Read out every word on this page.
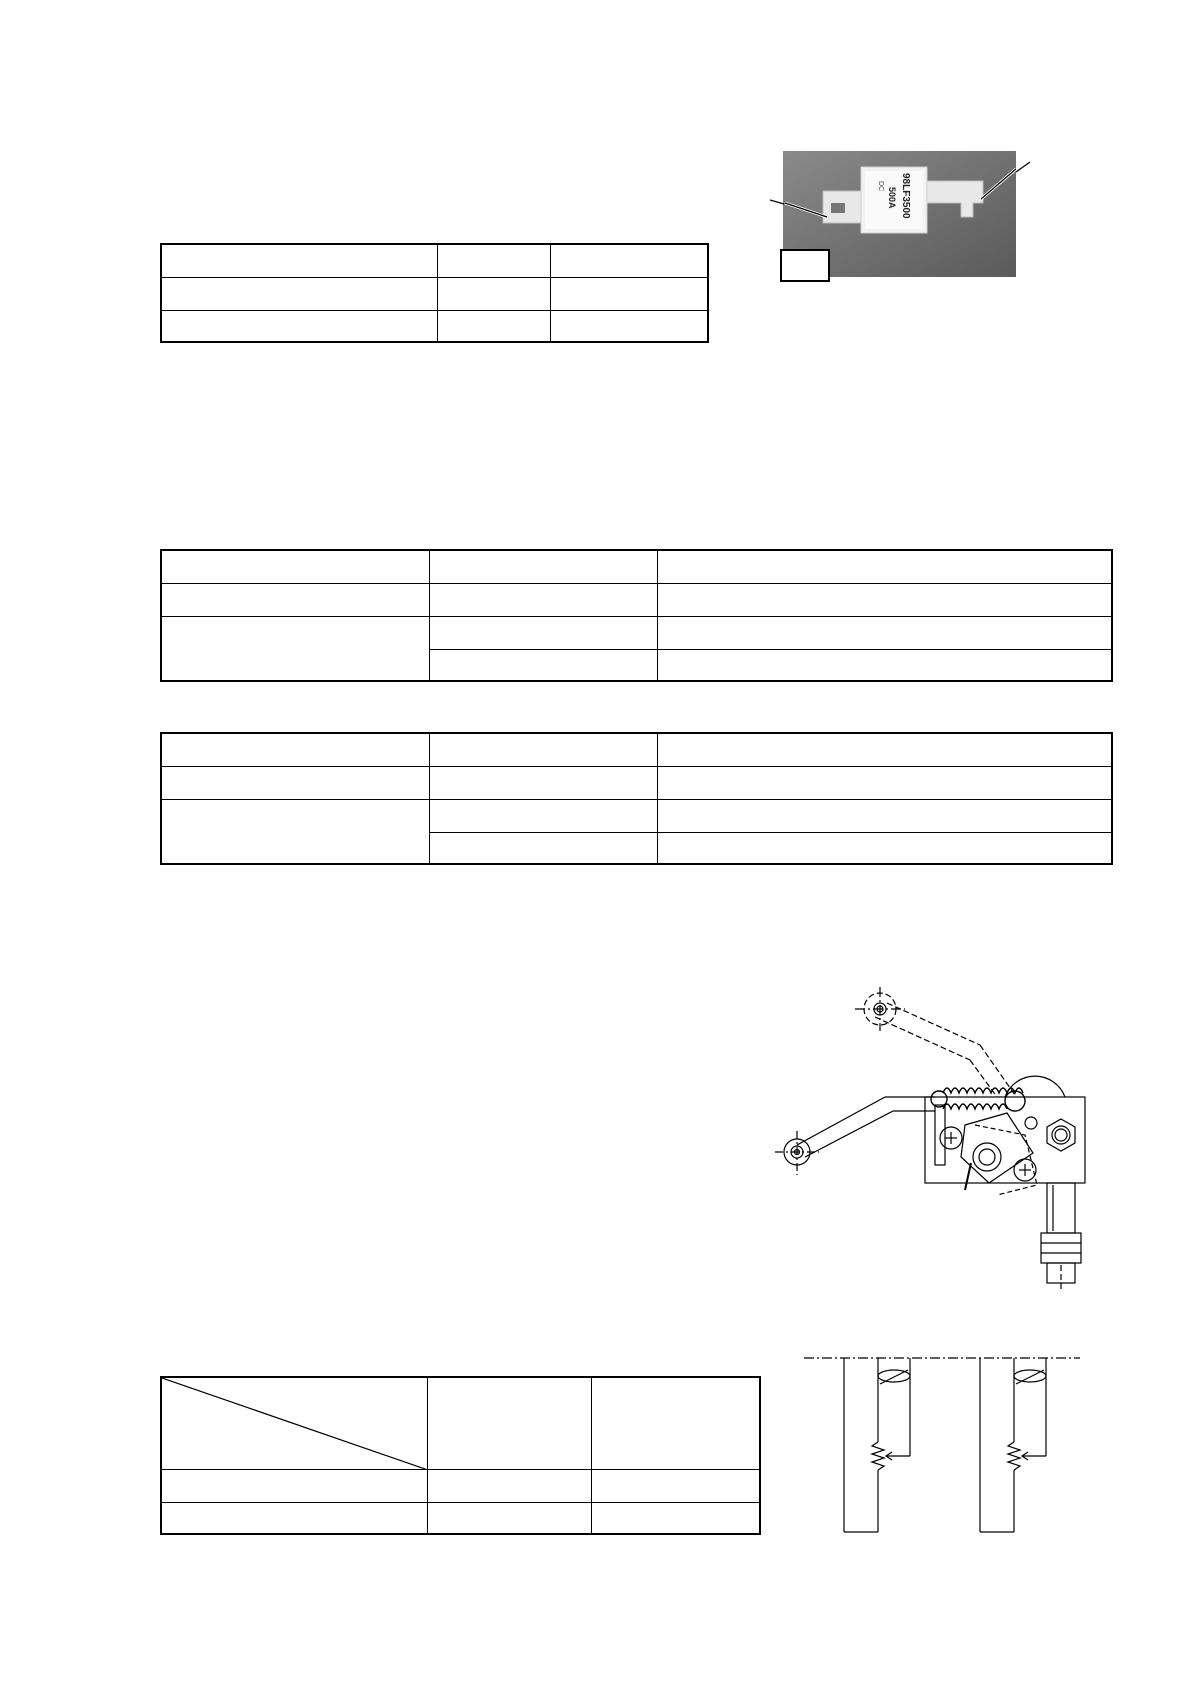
98LF3500
500A
DC
